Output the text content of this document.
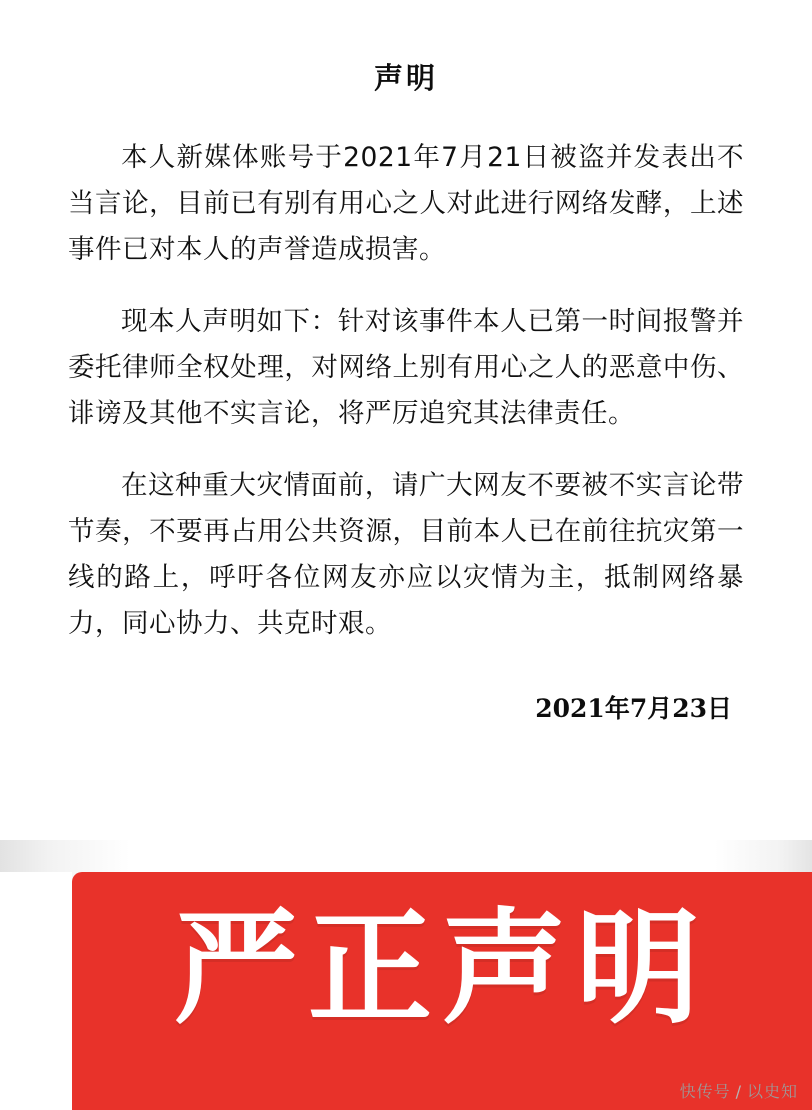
声明

本人新媒体账号于2021年7月21日被盗并发表出不当言论，目前已有别有用心之人对此进行网络发酵，上述事件已对本人的声誉造成损害。

现本人声明如下：针对该事件本人已第一时间报警并委托律师全权处理，对网络上别有用心之人的恶意中伤、诽谤及其他不实言论，将严厉追究其法律责任。

在这种重大灾情面前，请广大网友不要被不实言论带节奏，不要再占用公共资源，目前本人已在前往抗灾第一线的路上，呼吁各位网友亦应以灾情为主，抵制网络暴力，同心协力、共克时艰。

2021年7月23日
严正声明
快传号 / 以史知
